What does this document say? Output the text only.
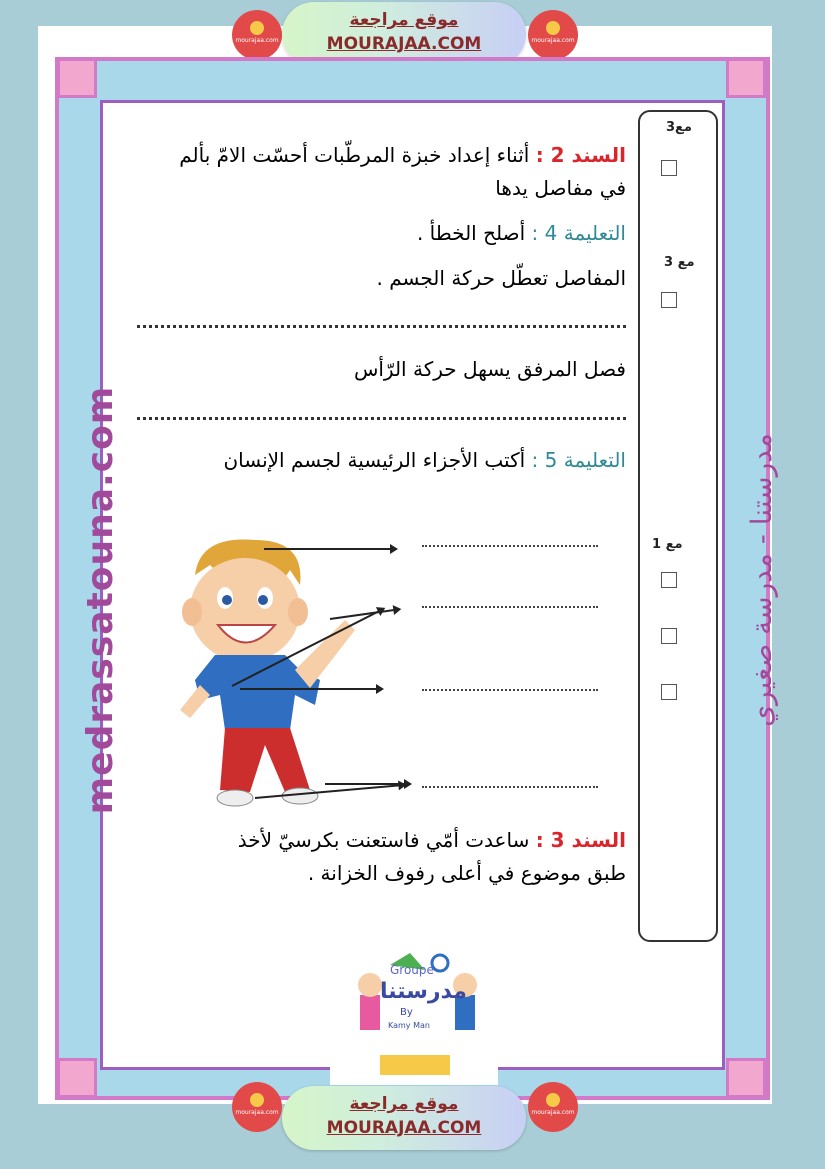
mourajaa.com
موقع مراجعة
MOURAJAA.COM	mourajaa.com
medrassatouna.com	مدرستنا - مدرسة صغيري
مع3
مع 3
مع 1
السند 2 : أثناء إعداد خبزة المرطّبات أحسّت الامّ بألم
في مفاصل يدها
التعليمة 4 : أصلح الخطأ .
المفاصل تعطّل حركة الجسم .
فصل المرفق يسهل حركة الرّأس
التعليمة 5 : أكتب الأجزاء الرئيسية لجسم الإنسان
السند 3 : ساعدت أمّي فاستعنت بكرسيّ لأخذ
طبق موضوع في أعلى رفوف الخزانة .
Groupe
مدرستنا
By
Kamy Man
mourajaa.com	موقع مراجعة
MOURAJAA.COM
mourajaa.com
